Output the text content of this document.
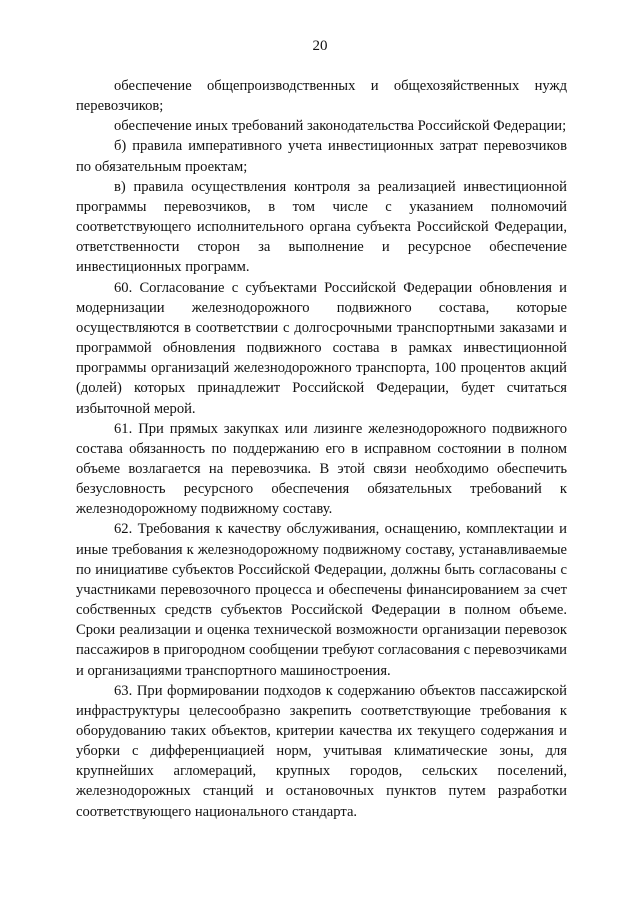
20

обеспечение общепроизводственных и общехозяйственных нужд перевозчиков;

обеспечение иных требований законодательства Российской Федерации;

б) правила императивного учета инвестиционных затрат перевозчиков по обязательным проектам;

в) правила осуществления контроля за реализацией инвестиционной программы перевозчиков, в том числе с указанием полномочий соответствующего исполнительного органа субъекта Российской Федерации, ответственности сторон за выполнение и ресурсное обеспечение инвестиционных программ.

60. Согласование с субъектами Российской Федерации обновления и модернизации железнодорожного подвижного состава, которые осуществляются в соответствии с долгосрочными транспортными заказами и программой обновления подвижного состава в рамках инвестиционной программы организаций железнодорожного транспорта, 100 процентов акций (долей) которых принадлежит Российской Федерации, будет считаться избыточной мерой.

61. При прямых закупках или лизинге железнодорожного подвижного состава обязанность по поддержанию его в исправном состоянии в полном объеме возлагается на перевозчика. В этой связи необходимо обеспечить безусловность ресурсного обеспечения обязательных требований к железнодорожному подвижному составу.

62. Требования к качеству обслуживания, оснащению, комплектации и иные требования к железнодорожному подвижному составу, устанавливаемые по инициативе субъектов Российской Федерации, должны быть согласованы с участниками перевозочного процесса и обеспечены финансированием за счет собственных средств субъектов Российской Федерации в полном объеме. Сроки реализации и оценка технической возможности организации перевозок пассажиров в пригородном сообщении требуют согласования с перевозчиками и организациями транспортного машиностроения.

63. При формировании подходов к содержанию объектов пассажирской инфраструктуры целесообразно закрепить соответствующие требования к оборудованию таких объектов, критерии качества их текущего содержания и уборки с дифференциацией норм, учитывая климатические зоны, для крупнейших агломераций, крупных городов, сельских поселений, железнодорожных станций и остановочных пунктов путем разработки соответствующего национального стандарта.
